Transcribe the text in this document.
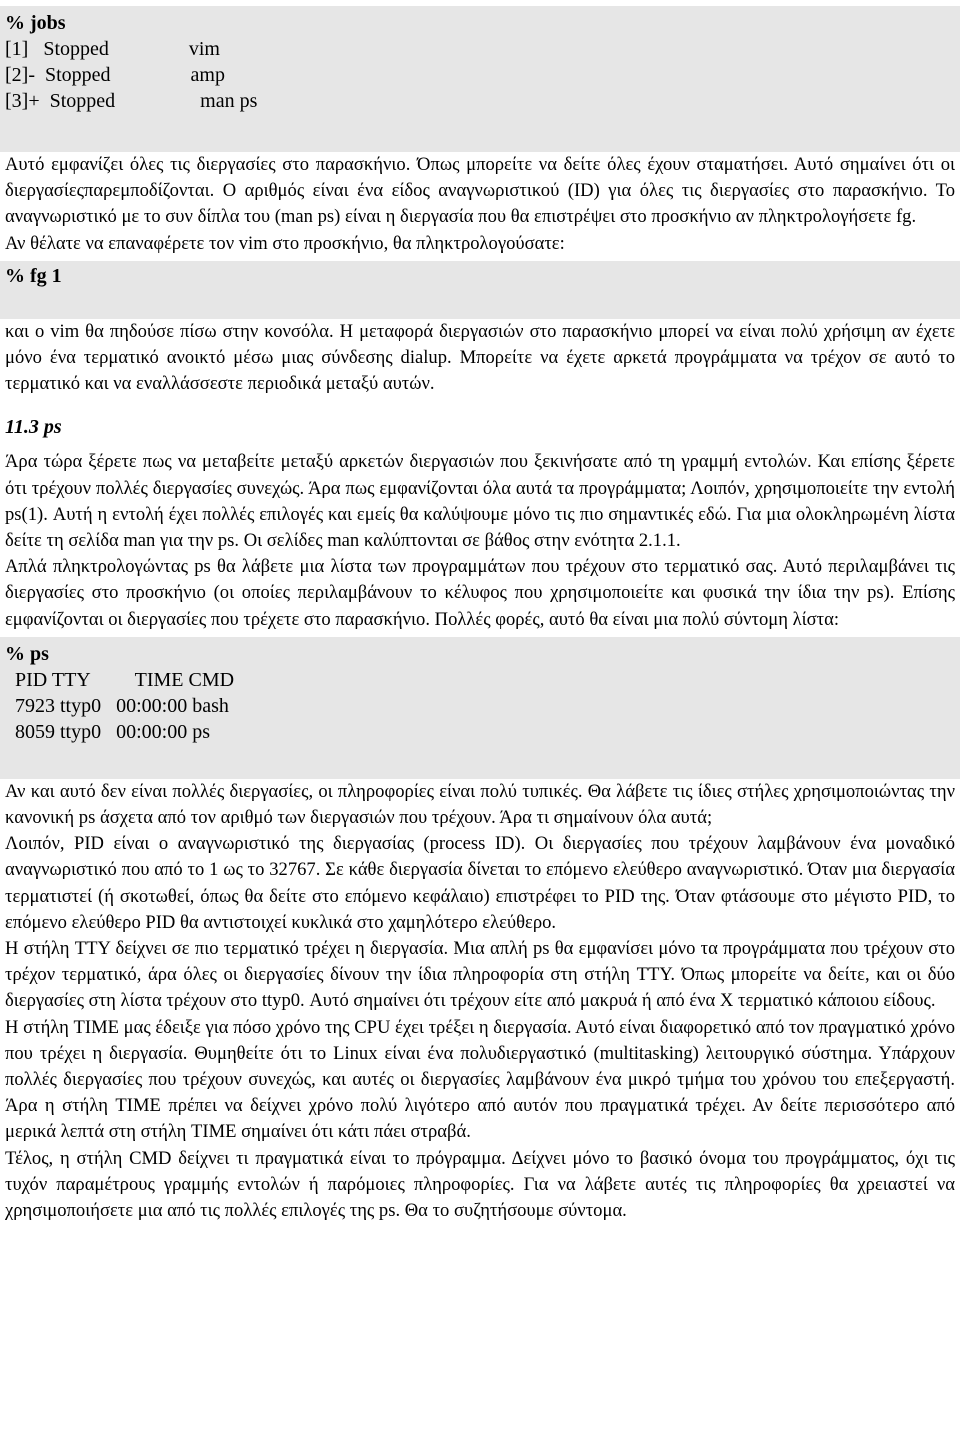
% jobs
[1]   Stopped                vim
[2]-  Stopped                amp
[3]+  Stopped                 man ps

Αυτό εμφανίζει όλες τις διεργασίες στο παρασκήνιο. Όπως μπορείτε να δείτε όλες έχουν σταματήσει. Αυτό σημαίνει ότι οι διεργασίεςπαρεμποδίζονται. Ο αριθμός είναι ένα είδος αναγνωριστικού (ID) για όλες τις διεργασίες στο παρασκήνιο. Το αναγνωριστικό με το συν δίπλα του (man ps) είναι η διεργασία που θα επιστρέψει στο προσκήνιο αν πληκτρολογήσετε fg.

Αν θέλατε να επαναφέρετε τον vim στο προσκήνιο, θα πληκτρολογούσατε:

% fg 1

και ο vim θα πηδούσε πίσω στην κονσόλα. Η μεταφορά διεργασιών στο παρασκήνιο μπορεί να είναι πολύ χρήσιμη αν έχετε μόνο ένα τερματικό ανοικτό μέσω μιας σύνδεσης dialup. Μπορείτε να έχετε αρκετά προγράμματα να τρέχον σε αυτό το τερματικό και να εναλλάσσεστε περιοδικά μεταξύ αυτών.

11.3 ps

Άρα τώρα ξέρετε πως να μεταβείτε μεταξύ αρκετών διεργασιών που ξεκινήσατε από τη γραμμή εντολών. Και επίσης ξέρετε ότι τρέχουν πολλές διεργασίες συνεχώς. Άρα πως εμφανίζονται όλα αυτά τα προγράμματα; Λοιπόν, χρησιμοποιείτε την εντολή ps(1). Αυτή η εντολή έχει πολλές επιλογές και εμείς θα καλύψουμε μόνο τις πιο σημαντικές εδώ. Για μια ολοκληρωμένη λίστα δείτε τη σελίδα man για την ps. Οι σελίδες man καλύπτονται σε βάθος στην ενότητα 2.1.1.

Απλά πληκτρολογώντας ps θα λάβετε μια λίστα των προγραμμάτων που τρέχουν στο τερματικό σας. Αυτό περιλαμβάνει τις διεργασίες στο προσκήνιο (οι οποίες περιλαμβάνουν το κέλυφος που χρησιμοποιείτε και φυσικά την ίδια την ps). Επίσης εμφανίζονται οι διεργασίες που τρέχετε στο παρασκήνιο. Πολλές φορές, αυτό θα είναι μια πολύ σύντομη λίστα:

% ps
PID TTY         TIME CMD
7923 ttyp0   00:00:00 bash
8059 ttyp0   00:00:00 ps

Αν και αυτό δεν είναι πολλές διεργασίες, οι πληροφορίες είναι πολύ τυπικές. Θα λάβετε τις ίδιες στήλες χρησιμοποιώντας την κανονική ps άσχετα από τον αριθμό των διεργασιών που τρέχουν. Άρα τι σημαίνουν όλα αυτά;

Λοιπόν, PID είναι ο αναγνωριστικό της διεργασίας (process ID). Οι διεργασίες που τρέχουν λαμβάνουν ένα μοναδικό αναγνωριστικό που από το 1 ως το 32767. Σε κάθε διεργασία δίνεται το επόμενο ελεύθερο αναγνωριστικό. Όταν μια διεργασία τερματιστεί (ή σκοτωθεί, όπως θα δείτε στο επόμενο κεφάλαιο) επιστρέφει το PID της. Όταν φτάσουμε στο μέγιστο PID, το επόμενο ελεύθερο PID θα αντιστοιχεί κυκλικά στο χαμηλότερο ελεύθερο.

Η στήλη TTY δείχνει σε πιο τερματικό τρέχει η διεργασία. Μια απλή ps θα εμφανίσει μόνο τα προγράμματα που τρέχουν στο τρέχον τερματικό, άρα όλες οι διεργασίες δίνουν την ίδια πληροφορία στη στήλη TTY. Όπως μπορείτε να δείτε, και οι δύο διεργασίες στη λίστα τρέχουν στο ttyp0. Αυτό σημαίνει ότι τρέχουν είτε από μακρυά ή από ένα X τερματικό κάποιου είδους.

Η στήλη TIME μας έδειξε για πόσο χρόνο της CPU έχει τρέξει η διεργασία. Αυτό είναι διαφορετικό από τον πραγματικό χρόνο που τρέχει η διεργασία. Θυμηθείτε ότι το Linux είναι ένα πολυδιεργαστικό (multitasking) λειτουργικό σύστημα. Υπάρχουν πολλές διεργασίες που τρέχουν συνεχώς, και αυτές οι διεργασίες λαμβάνουν ένα μικρό τμήμα του χρόνου του επεξεργαστή. Άρα η στήλη TIME πρέπει να δείχνει χρόνο πολύ λιγότερο από αυτόν που πραγματικά τρέχει. Αν δείτε περισσότερο από μερικά λεπτά στη στήλη TIME σημαίνει ότι κάτι πάει στραβά.

Τέλος, η στήλη CMD δείχνει τι πραγματικά είναι το πρόγραμμα. Δείχνει μόνο το βασικό όνομα του προγράμματος, όχι τις τυχόν παραμέτρους γραμμής εντολών ή παρόμοιες πληροφορίες. Για να λάβετε αυτές τις πληροφορίες θα χρειαστεί να χρησιμοποιήσετε μια από τις πολλές επιλογές της ps. Θα το συζητήσουμε σύντομα.
